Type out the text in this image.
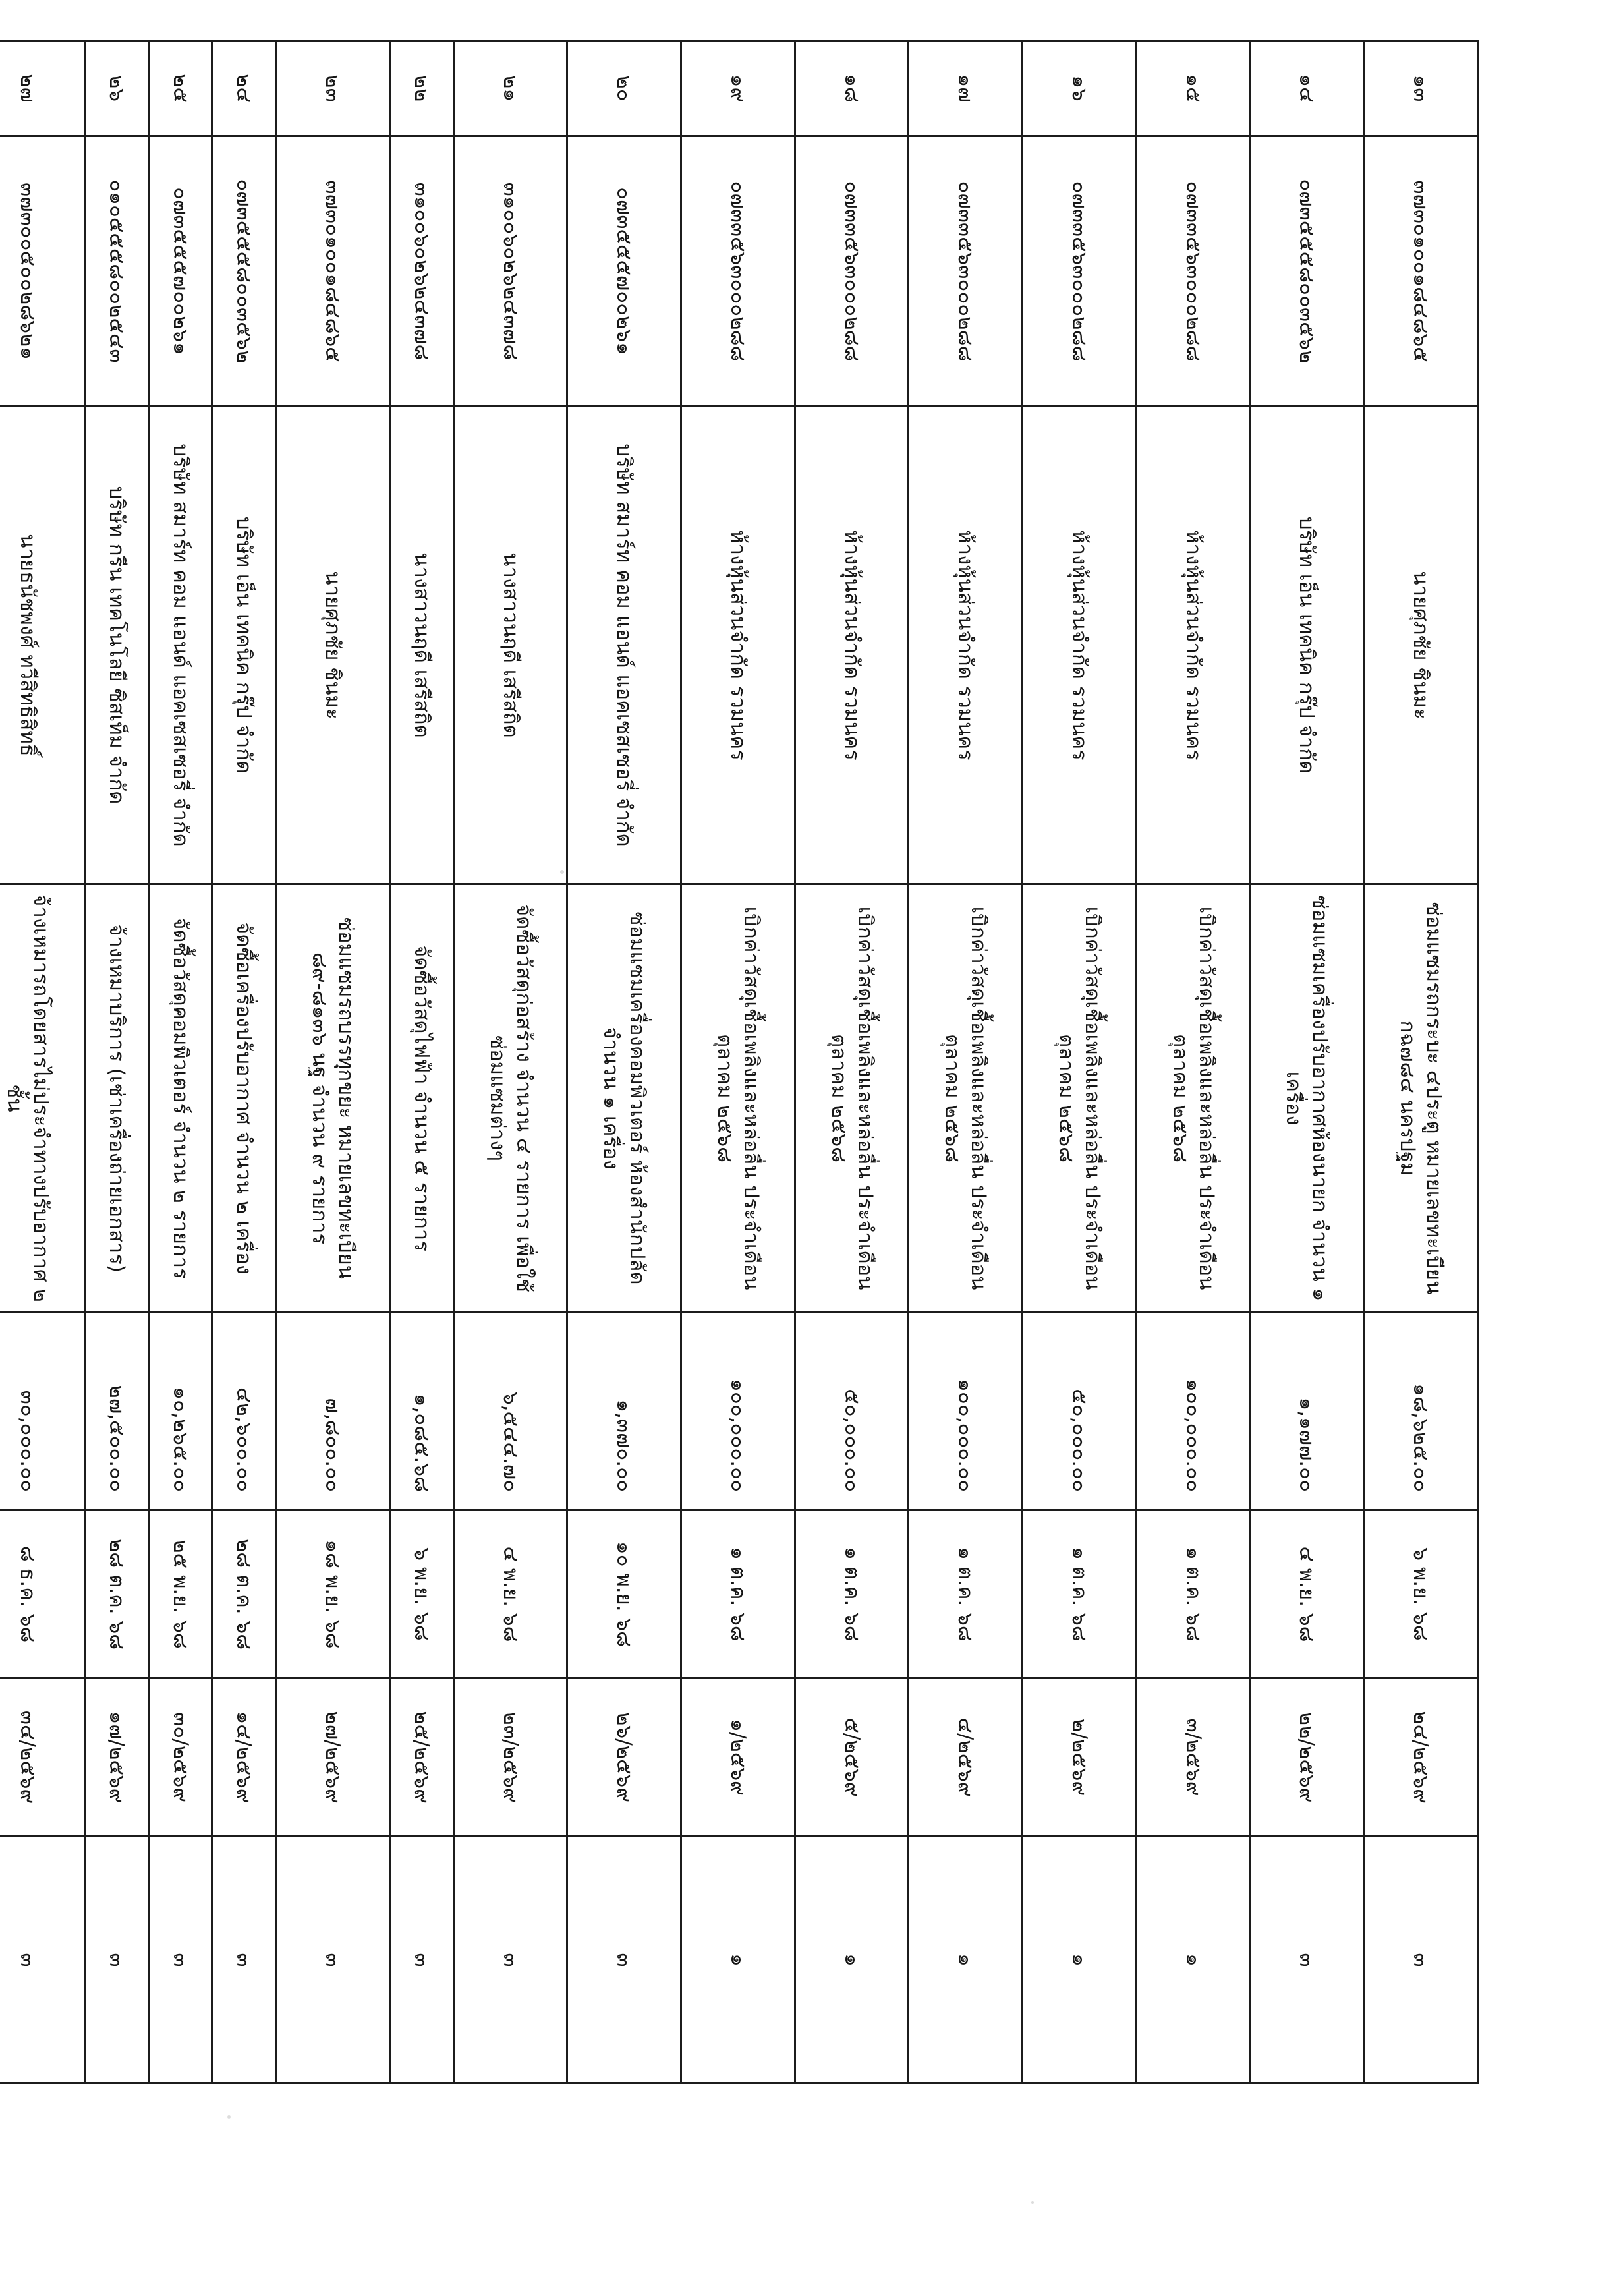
๑๓	๓๗๓๐๑๐๐๑๘๔๘๖๕	นายศุภชัย ชินมะ	ซ่อมแซมรถกระบะ ๔ประตู หมายเลขทะเบียน กฉ๗๘๔ นครปฐม	๑๘,๖๒๕.๐๐	๖ พ.ย. ๖๘	๒๔/๒๕๖๙	๓
๑๔	๐๗๓๕๕๕๘๐๐๓๕๖๒	บริษัท เอ็น เทคนิค กรุ๊ป จำกัด	ซ่อมแซมเครื่องปรับอากาศห้องนายก จำนวน ๑ เครื่อง	๑,๑๗๗.๐๐	๔ พ.ย. ๖๘	๒๒/๒๕๖๙	๓
๑๕	๐๗๓๓๕๖๓๐๐๐๒๘๘	ห้างหุ้นส่วนจำกัด รวมนคร	เบิกค่าวัสดุเชื้อเพลิงและหล่อลื่น ประจำเดือนตุลาคม ๒๕๖๘	๑๐๐,๐๐๐.๐๐	๑ ต.ค. ๖๘	๓/๒๕๖๙	๑
๑๖	๐๗๓๓๕๖๓๐๐๐๒๘๘	ห้างหุ้นส่วนจำกัด รวมนคร	เบิกค่าวัสดุเชื้อเพลิงและหล่อลื่น ประจำเดือนตุลาคม ๒๕๖๘	๕๐,๐๐๐.๐๐	๑ ต.ค. ๖๘	๒/๒๕๖๙	๑
๑๗	๐๗๓๓๕๖๓๐๐๐๒๘๘	ห้างหุ้นส่วนจำกัด รวมนคร	เบิกค่าวัสดุเชื้อเพลิงและหล่อลื่น ประจำเดือนตุลาคม ๒๕๖๘	๑๐๐,๐๐๐.๐๐	๑ ต.ค. ๖๘	๔/๒๕๖๙	๑
๑๘	๐๗๓๓๕๖๓๐๐๐๒๘๘	ห้างหุ้นส่วนจำกัด รวมนคร	เบิกค่าวัสดุเชื้อเพลิงและหล่อลื่น ประจำเดือนตุลาคม ๒๕๖๘	๕๐,๐๐๐.๐๐	๑ ต.ค. ๖๘	๕/๒๕๖๙	๑
๑๙	๐๗๓๓๕๖๓๐๐๐๒๘๘	ห้างหุ้นส่วนจำกัด รวมนคร	เบิกค่าวัสดุเชื้อเพลิงและหล่อลื่น ประจำเดือนตุลาคม ๒๕๖๘	๑๐๐,๐๐๐.๐๐	๑ ต.ค. ๖๘	๑/๒๕๖๙	๑
๒๐	๐๗๓๕๕๕๗๐๐๒๖๑	บริษัท สมาร์ท คอม แอนด์ แอคเซสเซอรี่ จำกัด	ซ่อมแซมเครื่องคอมพิวเตอร์ ห้องสำนักปลัด จำนวน ๑ เครื่อง	๑,๓๗๐.๐๐	๑๐ พ.ย. ๖๘	๒๖/๒๕๖๙	๓
๒๑	๓๑๐๐๖๐๒๖๒๔๓๗๘	นางสาวนฤดี เสรีสถิต	จัดซื้อวัสดุก่อสร้าง จำนวน ๔ รายการ เพื่อใช้ซ่อมแซมต่างๆ	๖,๕๔๔.๗๐	๔ พ.ย. ๖๘	๒๓/๒๕๖๙	๓
๒๒	๓๑๐๐๖๐๒๖๒๔๓๗๘	นางสาวนฤดี เสรีสถิต	จัดซื้อวัสดุไฟฟ้า จำนวน ๕ รายการ	๑,๐๘๕.๖๘	๖ พ.ย. ๖๘	๒๕/๒๕๖๙	๓
๒๓	๓๗๓๐๑๐๐๑๘๔๘๖๕	นายศุภชัย ชินมะ	ซ่อมแซมรถบรรทุกขยะ หมายเลขทะเบียน ๘๙-๘๑๓๖ นฐ จำนวน ๙ รายการ	๗,๘๐๐.๐๐	๑๘ พ.ย. ๖๘	๒๗/๒๕๖๙	๓
๒๔	๐๗๓๕๕๕๘๐๐๓๕๖๒	บริษัท เอ็น เทคนิค กรุ๊ป จำกัด	จัดซื้อเครื่องปรับอากาศ จำนวน ๒ เครื่อง	๔๒,๖๐๐.๐๐	๒๘ ต.ค. ๖๘	๑๔/๒๕๖๙	๓
๒๕	๐๗๓๕๕๕๗๐๐๒๖๑	บริษัท สมาร์ท คอม แอนด์ แอคเซสเซอรี่ จำกัด	จัดซื้อวัสดุคอมพิวเตอร์ จำนวน ๒ รายการ	๑๐,๒๖๕.๐๐	๒๕ พ.ย. ๖๘	๓๐/๒๕๖๙	๓
๒๖	๐๑๐๕๕๕๘๐๐๒๕๔๓	บริษัท กรีน เทคโนโลยี ซิสเท็ม จำกัด	จ้างเหมาบริการ (เช่าเครื่องถ่ายเอกสาร)	๒๗,๕๐๐.๐๐	๒๘ ต.ค. ๖๘	๑๗/๒๕๖๙	๓
๒๗	๓๗๓๐๐๕๐๐๒๘๖๒๑	นายธนัชพงศ์ ทวีสิทธิสิทธิ์	จ้างเหมารถโดยสารไม่ประจำทางปรับอากาศ ๒ ชั้น	๓๐,๐๐๐.๐๐	๘ ธ.ค. ๖๘	๓๔/๒๕๖๙	๓
